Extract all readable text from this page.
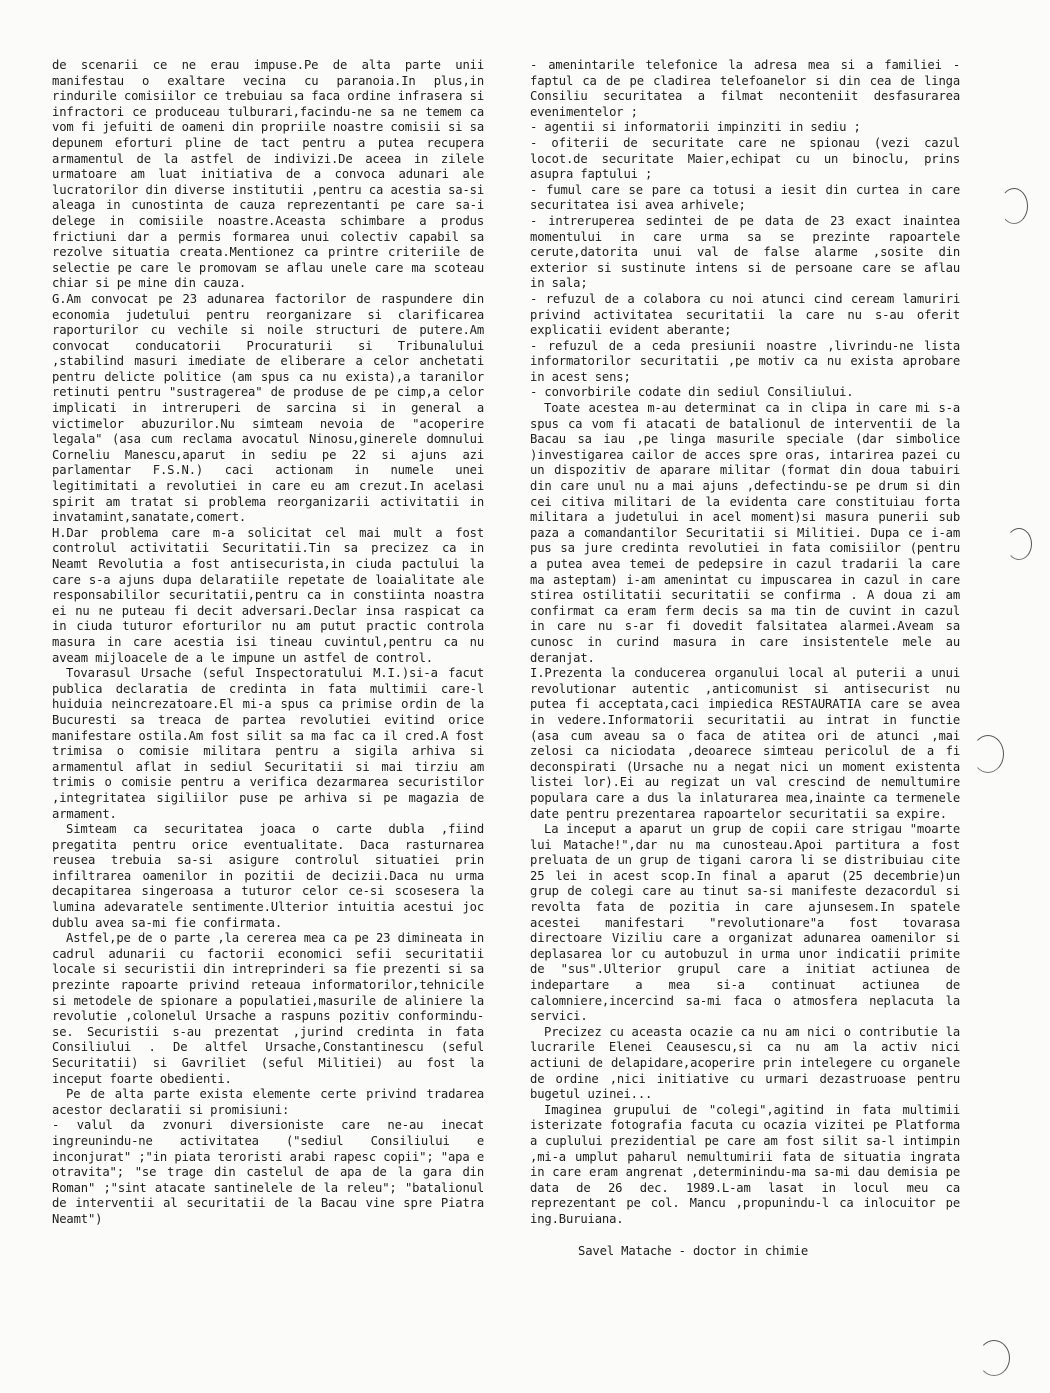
de scenarii ce ne erau impuse.Pe de alta parte unii manifestau o exaltare vecina cu paranoia.In plus,in rindurile comisiilor ce trebuiau sa faca ordine infrasera si infractori ce produceau tulburari,facindu-ne sa ne temem ca vom fi jefuiti de oameni din propriile noastre comisii si sa depunem eforturi pline de tact pentru a putea recupera armamentul de la astfel de indivizi.De aceea in zilele urmatoare am luat initiativa de a convoca adunari ale lucratorilor din diverse institutii ,pentru ca acestia sa-si aleaga in cunostinta de cauza reprezentanti pe care sa-i delege in comisiile noastre.Aceasta schimbare a produs frictiuni dar a permis formarea unui colectiv capabil sa rezolve situatia creata.Mentionez ca printre criteriile de selectie pe care le promovam se aflau unele care ma scoteau chiar si pe mine din cauza.

G.Am convocat pe 23 adunarea factorilor de raspundere din economia judetului pentru reorganizare si clarificarea raporturilor cu vechile si noile structuri de putere.Am convocat conducatorii Procuraturii si Tribunalului ,stabilind masuri imediate de eliberare a celor anchetati pentru delicte politice (am spus ca nu exista),a taranilor retinuti pentru "sustragerea" de produse de pe cimp,a celor implicati in intreruperi de sarcina si in general a victimelor abuzurilor.Nu simteam nevoia de "acoperire legala" (asa cum reclama avocatul Ninosu,ginerele domnului Corneliu Manescu,aparut in sediu pe 22 si ajuns azi parlamentar F.S.N.) caci actionam in numele unei legitimitati a revolutiei in care eu am crezut.In acelasi spirit am tratat si problema reorganizarii activitatii in invatamint,sanatate,comert.

H.Dar problema care m-a solicitat cel mai mult a fost controlul activitatii Securitatii.Tin sa precizez ca in Neamt Revolutia a fost antisecurista,in ciuda pactului la care s-a ajuns dupa delaratiile repetate de loaialitate ale responsabililor securitatii,pentru ca in constiinta noastra ei nu ne puteau fi decit adversari.Declar insa raspicat ca in ciuda tuturor eforturilor nu am putut practic controla masura in care acestia isi tineau cuvintul,pentru ca nu aveam mijloacele de a le impune un astfel de control.

Tovarasul Ursache (seful Inspectoratului M.I.)si-a facut publica declaratia de credinta in fata multimii care-l huiduia neincrezatoare.El mi-a spus ca primise ordin de la Bucuresti sa treaca de partea revolutiei evitind orice manifestare ostila.Am fost silit sa ma fac ca il cred.A fost trimisa o comisie militara pentru a sigila arhiva si armamentul aflat in sediul Securitatii si mai tirziu am trimis o comisie pentru a verifica dezarmarea securistilor ,integritatea sigiliilor puse pe arhiva si pe magazia de armament.

Simteam ca securitatea joaca o carte dubla ,fiind pregatita pentru orice eventualitate. Daca rasturnarea reusea trebuia sa-si asigure controlul situatiei prin infiltrarea oamenilor in pozitii de decizii.Daca nu urma decapitarea singeroasa a tuturor celor ce-si scosesera la lumina adevaratele sentimente.Ulterior intuitia acestui joc dublu avea sa-mi fie confirmata.

Astfel,pe de o parte ,la cererea mea ca pe 23 dimineata in cadrul adunarii cu factorii economici sefii securitatii locale si securistii din intreprinderi sa fie prezenti si sa prezinte rapoarte privind reteaua informatorilor,tehnicile si metodele de spionare a populatiei,masurile de aliniere la revolutie ,colonelul Ursache a raspuns pozitiv conformindu-se. Securistii s-au prezentat ,jurind credinta in fata Consiliului . De altfel Ursache,Constantinescu (seful Securitatii) si Gavriliet (seful Militiei) au fost la inceput foarte obedienti.

Pe de alta parte exista elemente certe privind tradarea acestor declaratii si promisiuni:

- valul da zvonuri diversioniste care ne-au inecat ingreunindu-ne activitatea ("sediul Consiliului e inconjurat" ;"in piata teroristi arabi rapesc copii"; "apa e otravita"; "se trage din castelul de apa de la gara din Roman" ;"sint atacate santinelele de la releu"; "batalionul de interventii al securitatii de la Bacau vine spre Piatra Neamt")

- amenintarile telefonice la adresa mea si a familiei - faptul ca de pe cladirea telefoanelor si din cea de linga Consiliu securitatea a filmat neconteniit desfasurarea evenimentelor ;

- agentii si informatorii impinziti in sediu ;

- ofiterii de securitate care ne spionau (vezi cazul locot.de securitate Maier,echipat cu un binoclu, prins asupra faptului ;

- fumul care se pare ca totusi a iesit din curtea in care securitatea isi avea arhivele;

- intreruperea sedintei de pe data de 23 exact inaintea momentului in care urma sa se prezinte rapoartele cerute,datorita unui val de false alarme ,sosite din exterior si sustinute intens si de persoane care se aflau in sala;

- refuzul de a colabora cu noi atunci cind ceream lamuriri privind activitatea securitatii la care nu s-au oferit explicatii evident aberante;

- refuzul de a ceda presiunii noastre ,livrindu-ne lista informatorilor securitatii ,pe motiv ca nu exista aprobare in acest sens;

- convorbirile codate din sediul Consiliului.

Toate acestea m-au determinat ca in clipa in care mi s-a spus ca vom fi atacati de batalionul de interventii de la Bacau sa iau ,pe linga masurile speciale (dar simbolice )investigarea cailor de acces spre oras, intarirea pazei cu un dispozitiv de aparare militar (format din doua tabuiri din care unul nu a mai ajuns ,defectindu-se pe drum si din cei citiva militari de la evidenta care constituiau forta militara a judetului in acel moment)si masura punerii sub paza a comandantilor Securitatii si Militiei. Dupa ce i-am pus sa jure credinta revolutiei in fata comisiilor (pentru a putea avea temei de pedepsire in cazul tradarii la care ma asteptam) i-am amenintat cu impuscarea in cazul in care stirea ostilitatii securitatii se confirma . A doua zi am confirmat ca eram ferm decis sa ma tin de cuvint in cazul in care nu s-ar fi dovedit falsitatea alarmei.Aveam sa cunosc in curind masura in care insistentele mele au deranjat.

I.Prezenta la conducerea organului local al puterii a unui revolutionar autentic ,anticomunist si antisecurist nu putea fi acceptata,caci impiedica RESTAURATIA care se avea in vedere.Informatorii securitatii au intrat in functie (asa cum aveau sa o faca de atitea ori de atunci ,mai zelosi ca niciodata ,deoarece simteau pericolul de a fi deconspirati (Ursache nu a negat nici un moment existenta listei lor).Ei au regizat un val crescind de nemultumire populara care a dus la inlaturarea mea,inainte ca termenele date pentru prezentarea rapoartelor securitatii sa expire.

La inceput a aparut un grup de copii care strigau "moarte lui Matache!",dar nu ma cunosteau.Apoi partitura a fost preluata de un grup de tigani carora li se distribuiau cite 25 lei in acest scop.In final a aparut (25 decembrie)un grup de colegi care au tinut sa-si manifeste dezacordul si revolta fata de pozitia in care ajunsesem.In spatele acestei manifestari "revolutionare"a fost tovarasa directoare Viziliu care a organizat adunarea oamenilor si deplasarea lor cu autobuzul in urma unor indicatii primite de "sus".Ulterior grupul care a initiat actiunea de indepartare a mea si-a continuat actiunea de calomniere,incercind sa-mi faca o atmosfera neplacuta la servici.

Precizez cu aceasta ocazie ca nu am nici o contributie la lucrarile Elenei Ceausescu,si ca nu am la activ nici actiuni de delapidare,acoperire prin intelegere cu organele de ordine ,nici initiative cu urmari dezastruoase pentru bugetul uzinei...

Imaginea grupului de "colegi",agitind in fata multimii isterizate fotografia facuta cu ocazia vizitei pe Platforma a cuplului prezidential pe care am fost silit sa-l intimpin ,mi-a umplut paharul nemultumirii fata de situatia ingrata in care eram angrenat ,determinindu-ma sa-mi dau demisia pe data de 26 dec. 1989.L-am lasat in locul meu ca reprezentant pe col. Mancu ,propunindu-l ca inlocuitor pe ing.Buruiana.

Savel Matache - doctor in chimie
